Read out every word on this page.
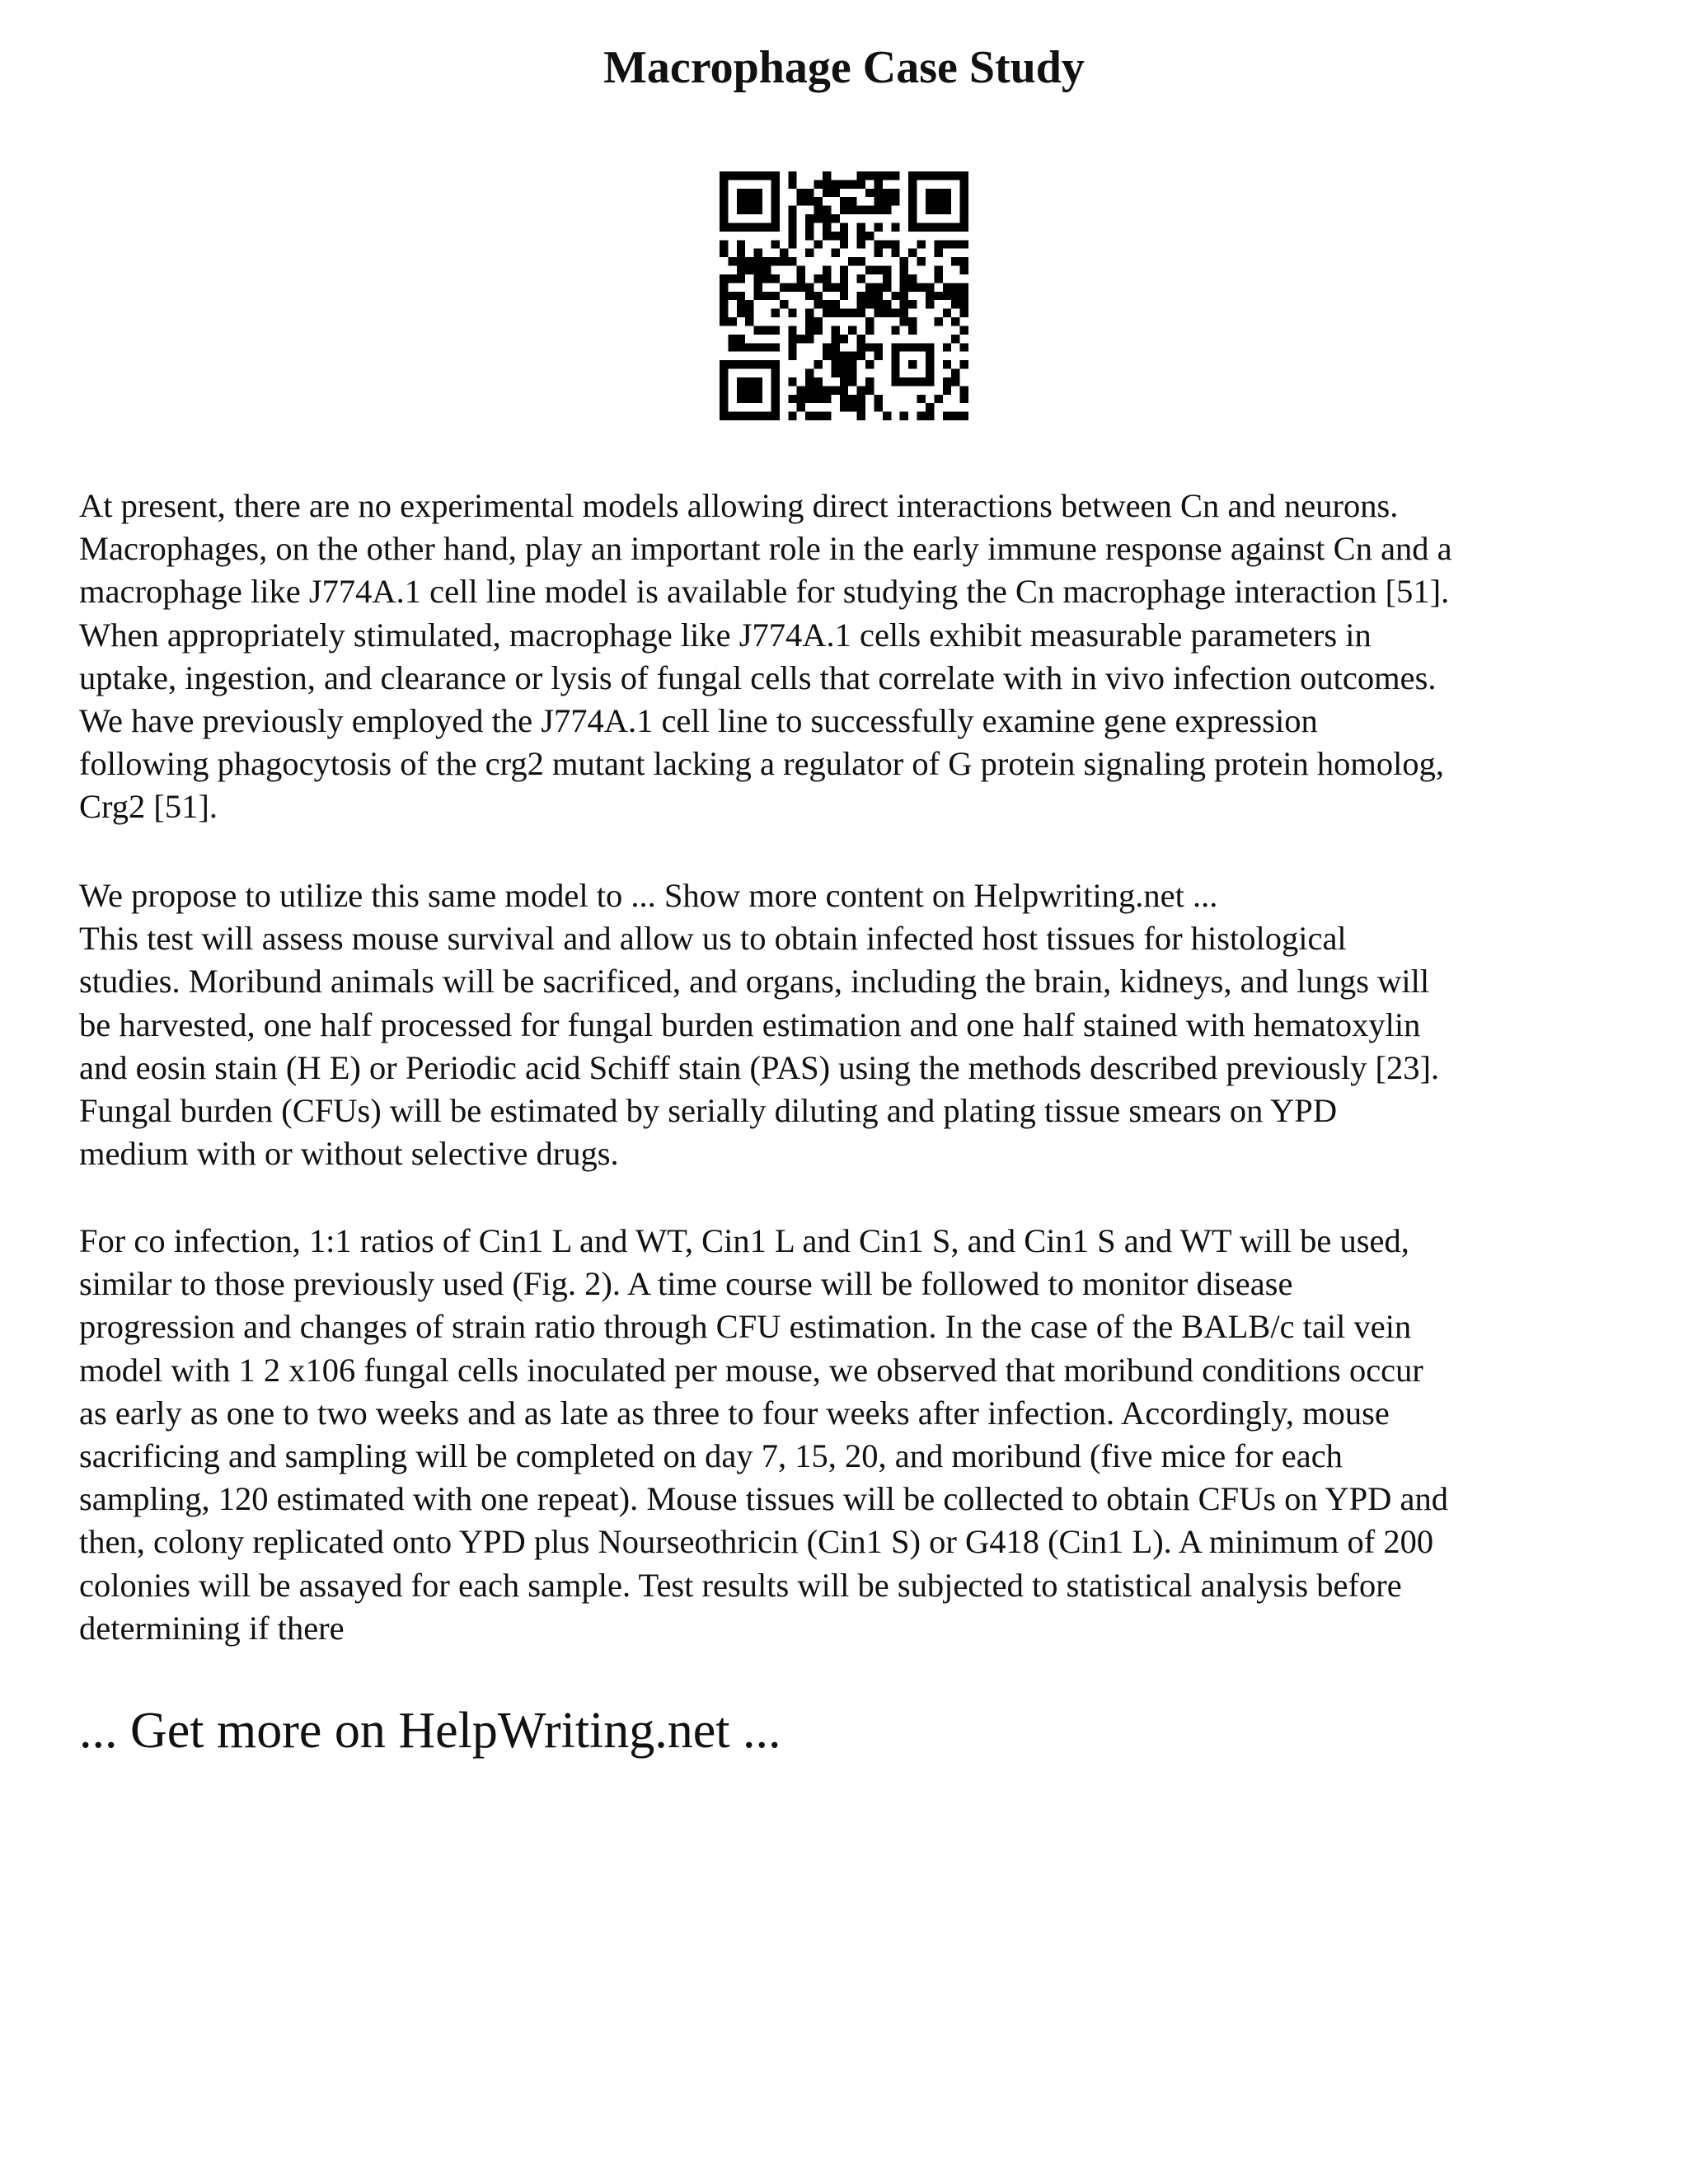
Macrophage Case Study

At present, there are no experimental models allowing direct interactions between Cn and neurons.
Macrophages, on the other hand, play an important role in the early immune response against Cn and a
macrophage like J774A.1 cell line model is available for studying the Cn macrophage interaction [51].
When appropriately stimulated, macrophage like J774A.1 cells exhibit measurable parameters in
uptake, ingestion, and clearance or lysis of fungal cells that correlate with in vivo infection outcomes.
We have previously employed the J774A.1 cell line to successfully examine gene expression
following phagocytosis of the crg2 mutant lacking a regulator of G protein signaling protein homolog,
Crg2 [51].

We propose to utilize this same model to ... Show more content on Helpwriting.net ...
This test will assess mouse survival and allow us to obtain infected host tissues for histological
studies. Moribund animals will be sacrificed, and organs, including the brain, kidneys, and lungs will
be harvested, one half processed for fungal burden estimation and one half stained with hematoxylin
and eosin stain (H E) or Periodic acid Schiff stain (PAS) using the methods described previously [23].
Fungal burden (CFUs) will be estimated by serially diluting and plating tissue smears on YPD
medium with or without selective drugs.

For co infection, 1:1 ratios of Cin1 L and WT, Cin1 L and Cin1 S, and Cin1 S and WT will be used,
similar to those previously used (Fig. 2). A time course will be followed to monitor disease
progression and changes of strain ratio through CFU estimation. In the case of the BALB/c tail vein
model with 1 2 x106 fungal cells inoculated per mouse, we observed that moribund conditions occur
as early as one to two weeks and as late as three to four weeks after infection. Accordingly, mouse
sacrificing and sampling will be completed on day 7, 15, 20, and moribund (five mice for each
sampling, 120 estimated with one repeat). Mouse tissues will be collected to obtain CFUs on YPD and
then, colony replicated onto YPD plus Nourseothricin (Cin1 S) or G418 (Cin1 L). A minimum of 200
colonies will be assayed for each sample. Test results will be subjected to statistical analysis before
determining if there

... Get more on HelpWriting.net ...
